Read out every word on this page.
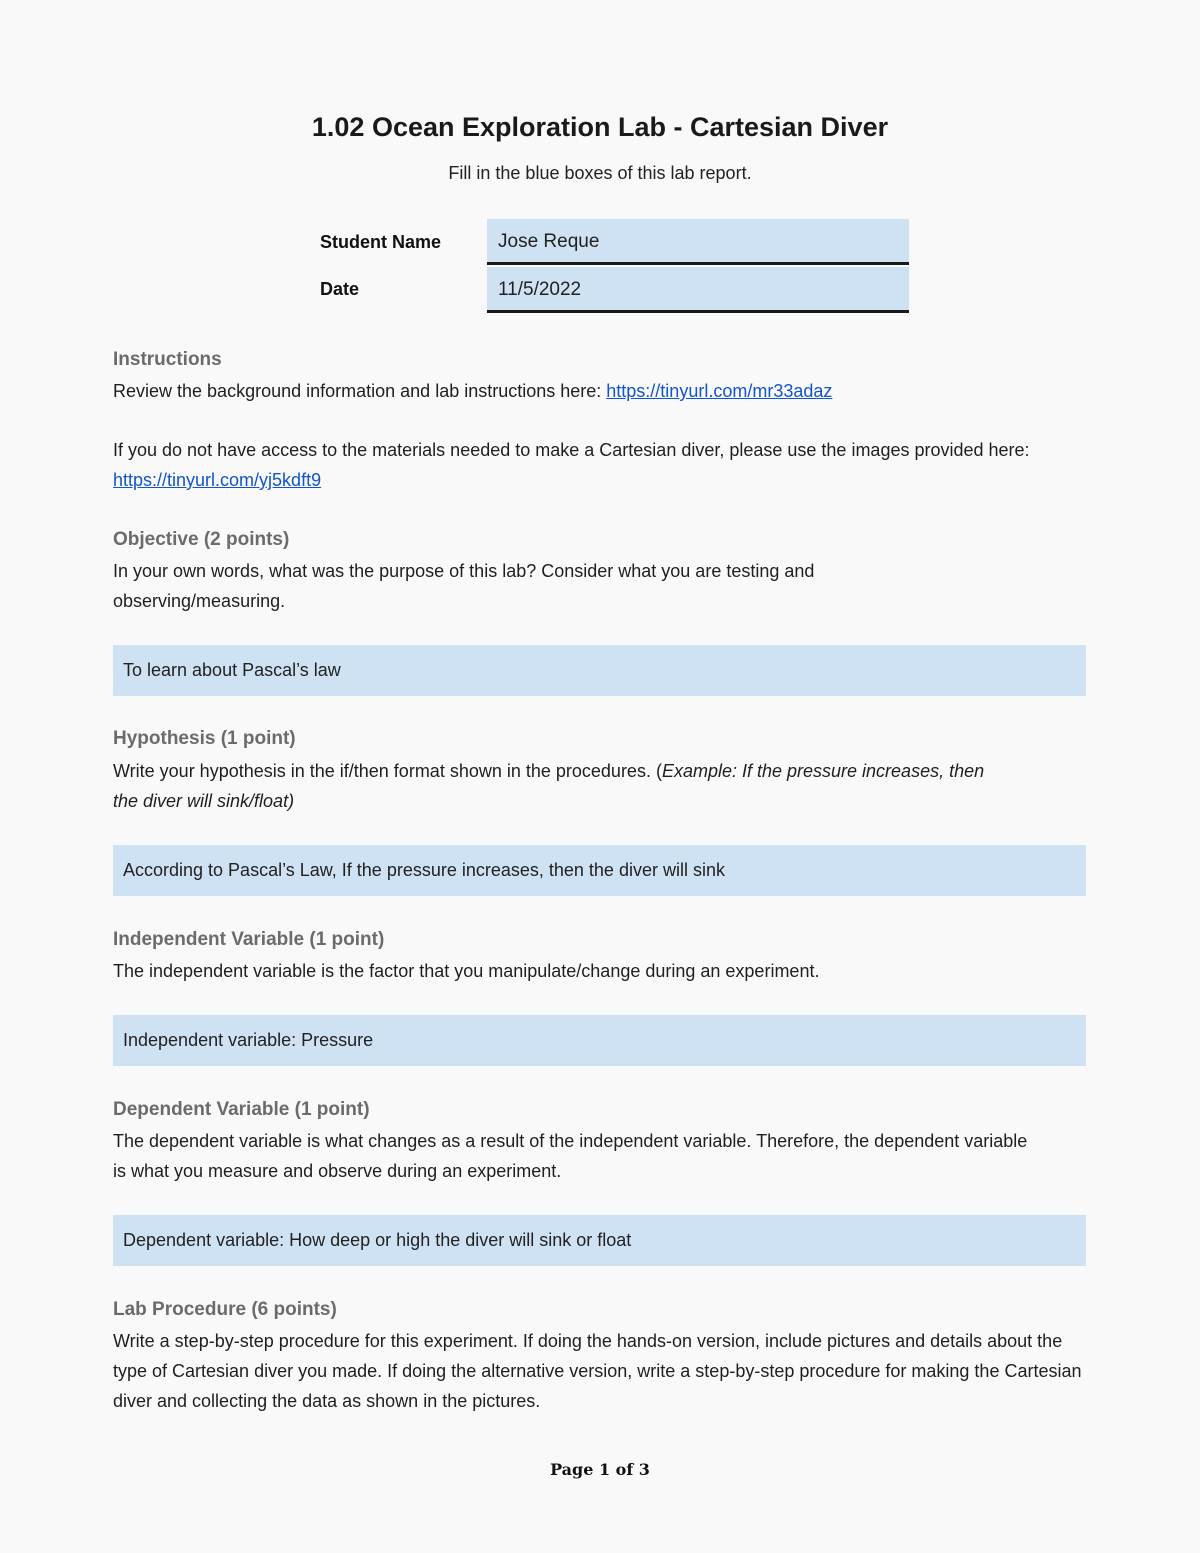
1.02 Ocean Exploration Lab - Cartesian Diver
Fill in the blue boxes of this lab report.
Student Name	Jose Reque
Date	11/5/2022
Instructions
Review the background information and lab instructions here: https://tinyurl.com/mr33adaz
If you do not have access to the materials needed to make a Cartesian diver, please use the images provided here: https://tinyurl.com/yj5kdft9
Objective (2 points)
In your own words, what was the purpose of this lab? Consider what you are testing and observing/measuring.
To learn about Pascal’s law
Hypothesis (1 point)
Write your hypothesis in the if/then format shown in the procedures. (Example: If the pressure increases, then the diver will sink/float)
According to Pascal’s Law, If the pressure increases, then the diver will sink
Independent Variable (1 point)
The independent variable is the factor that you manipulate/change during an experiment.
Independent variable: Pressure
Dependent Variable (1 point)
The dependent variable is what changes as a result of the independent variable. Therefore, the dependent variable is what you measure and observe during an experiment.
Dependent variable: How deep or high the diver will sink or float
Lab Procedure (6 points)
Write a step-by-step procedure for this experiment. If doing the hands-on version, include pictures and details about the type of Cartesian diver you made. If doing the alternative version, write a step-by-step procedure for making the Cartesian diver and collecting the data as shown in the pictures.
Page 1 of 3
